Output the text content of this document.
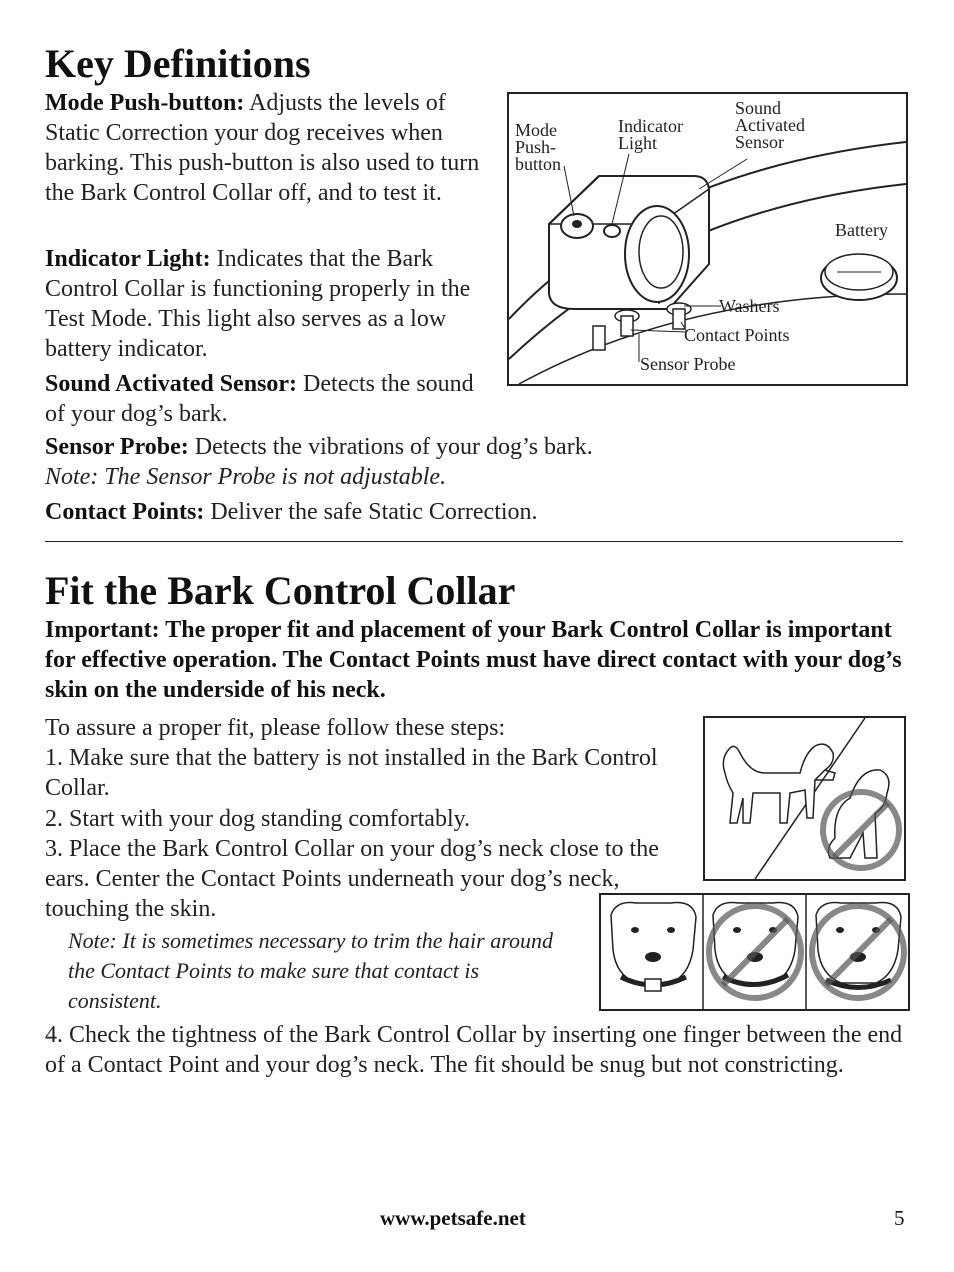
Key Definitions

Mode Push-button: Adjusts the levels of Static Correction your dog receives when barking. This push-button is also used to turn the Bark Control Collar off, and to test it.

Indicator Light: Indicates that the Bark Control Collar is functioning properly in the Test Mode. This light also serves as a low battery indicator.

Sound Activated Sensor: Detects the sound of your dog’s bark.

Sensor Probe: Detects the vibrations of your dog’s bark.
Note: The Sensor Probe is not adjustable.

Contact Points: Deliver the safe Static Correction.

Mode
Push-
button
Indicator
Light
Sound
Activated
Sensor
Battery
Washers
Contact Points
Sensor Probe
Fit the Bark Control Collar

Important: The proper fit and placement of your Bark Control Collar is important for effective operation. The Contact Points must have direct contact with your dog’s skin on the underside of his neck.

To assure a proper fit, please follow these steps:

1. Make sure that the battery is not installed in the Bark Control Collar.

2. Start with your dog standing comfortably.

3. Place the Bark Control Collar on your dog’s neck close to the ears. Center the Contact Points underneath your dog’s neck, touching the skin.

Note: It is sometimes necessary to trim the hair around the Contact Points to make sure that contact is consistent.

4. Check the tightness of the Bark Control Collar by inserting one finger between the end of a Contact Point and your dog’s neck. The fit should be snug but not constricting.

www.petsafe.net	5
